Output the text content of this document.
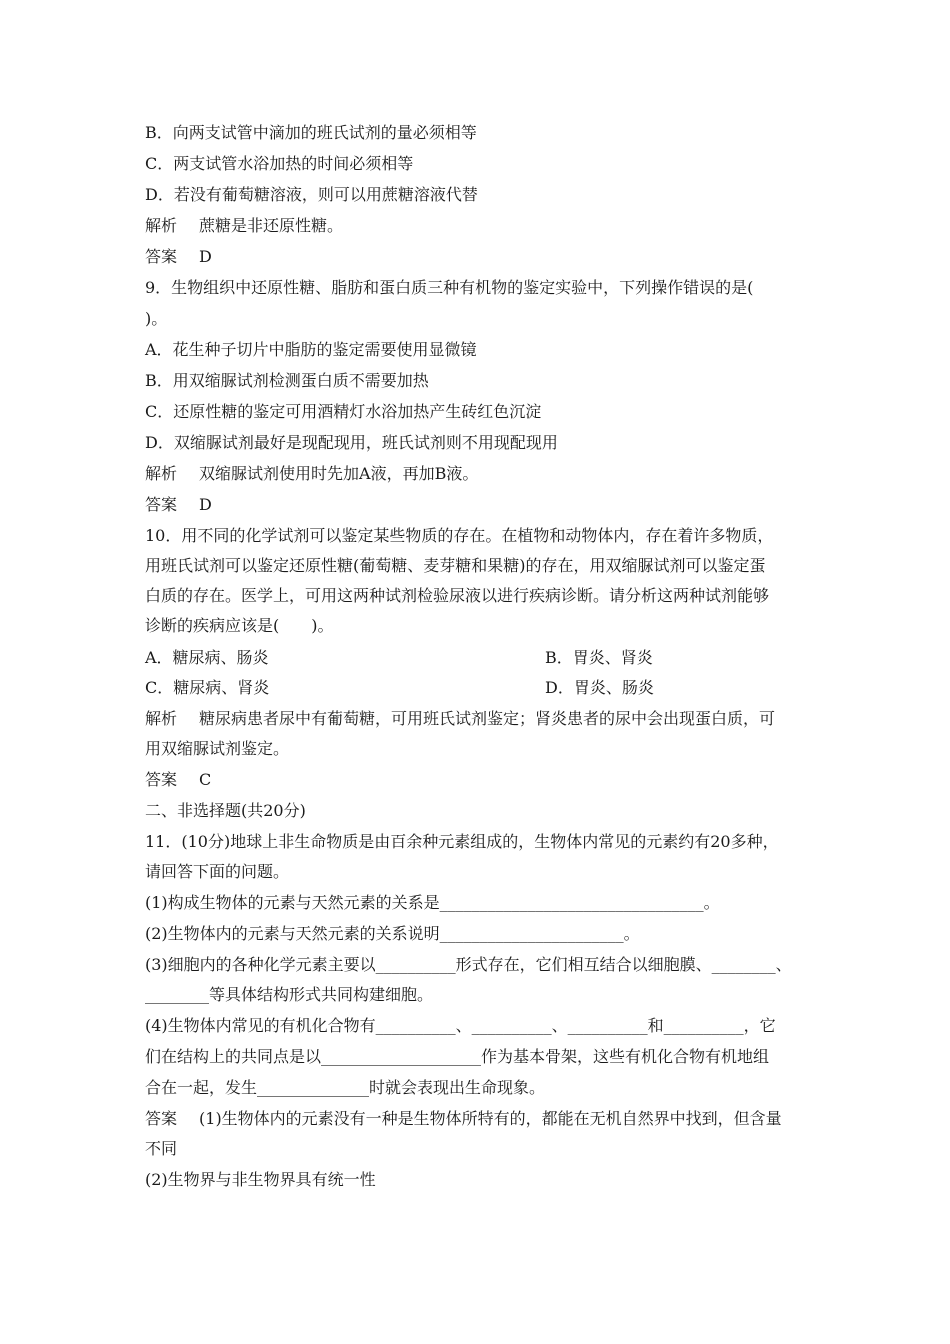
B．向两支试管中滴加的班氏试剂的量必须相等
C．两支试管水浴加热的时间必须相等
D．若没有葡萄糖溶液，则可以用蔗糖溶液代替
解析 蔗糖是非还原性糖。
答案 D
9．生物组织中还原性糖、脂肪和蛋白质三种有机物的鉴定实验中，下列操作错误的是(
)。
A．花生种子切片中脂肪的鉴定需要使用显微镜
B．用双缩脲试剂检测蛋白质不需要加热
C．还原性糖的鉴定可用酒精灯水浴加热产生砖红色沉淀
D．双缩脲试剂最好是现配现用，班氏试剂则不用现配现用
解析 双缩脲试剂使用时先加A液，再加B液。
答案 D
10．用不同的化学试剂可以鉴定某些物质的存在。在植物和动物体内，存在着许多物质，
用班氏试剂可以鉴定还原性糖(葡萄糖、麦芽糖和果糖)的存在，用双缩脲试剂可以鉴定蛋
白质的存在。医学上，可用这两种试剂检验尿液以进行疾病诊断。请分析这两种试剂能够
诊断的疾病应该是(　　)。
A．糖尿病、肠炎	B．胃炎、肾炎
C．糖尿病、肾炎	D．胃炎、肠炎
解析 糖尿病患者尿中有葡萄糖，可用班氏试剂鉴定；肾炎患者的尿中会出现蛋白质，可
用双缩脲试剂鉴定。
答案 C
二、非选择题(共20分)
11．(10分)地球上非生命物质是由百余种元素组成的，生物体内常见的元素约有20多种，
请回答下面的问题。
(1)构成生物体的元素与天然元素的关系是_________________________________。
(2)生物体内的元素与天然元素的关系说明_______________________。
(3)细胞内的各种化学元素主要以__________形式存在，它们相互结合以细胞膜、________、
________等具体结构形式共同构建细胞。
(4)生物体内常见的有机化合物有__________、__________、__________和__________，它
们在结构上的共同点是以____________________作为基本骨架，这些有机化合物有机地组
合在一起，发生______________时就会表现出生命现象。
答案 (1)生物体内的元素没有一种是生物体所特有的，都能在无机自然界中找到，但含量
不同
(2)生物界与非生物界具有统一性
